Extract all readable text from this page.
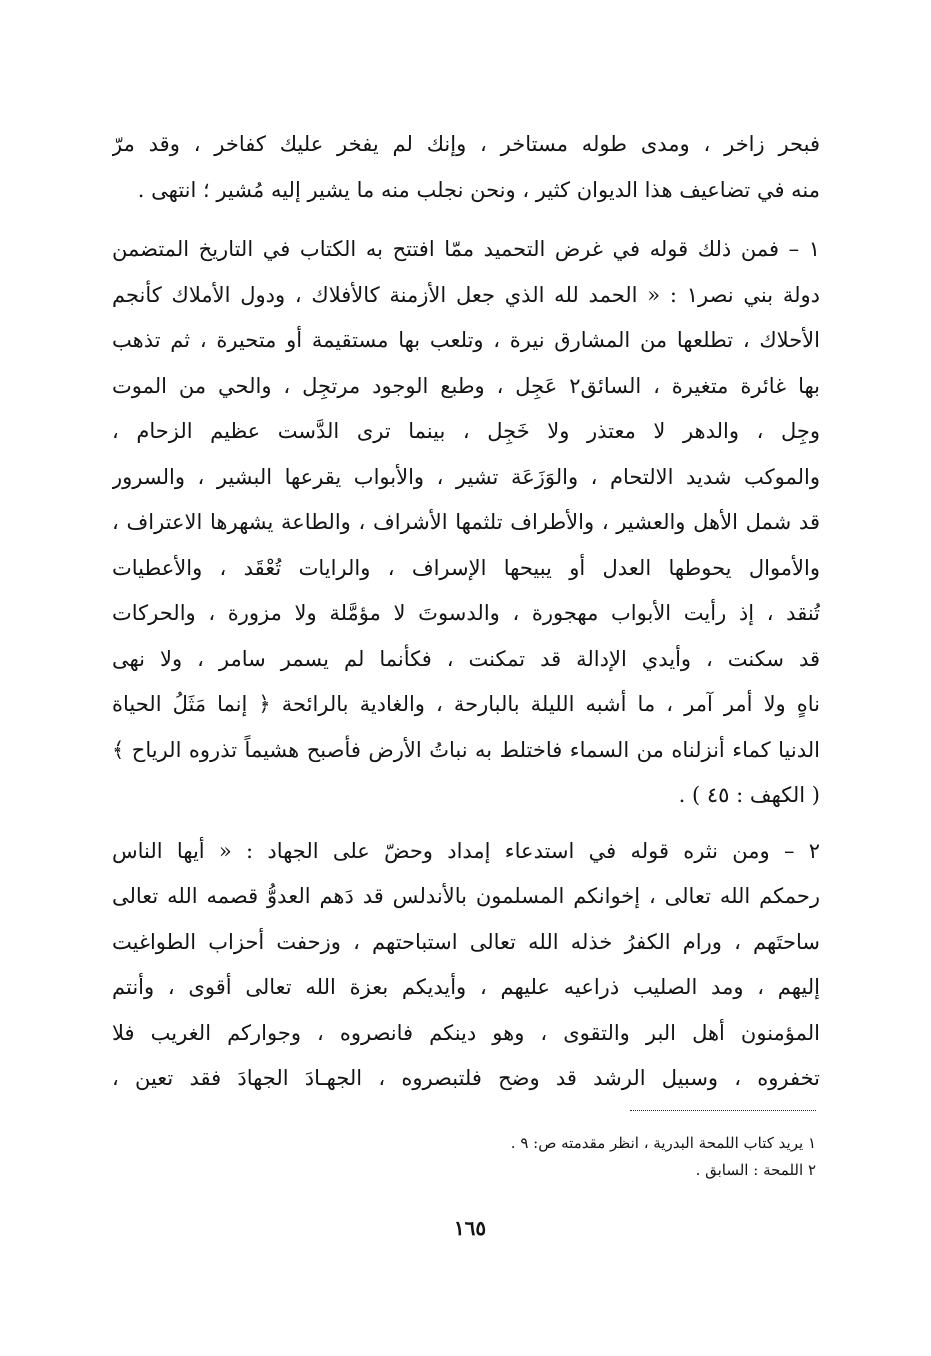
فبحر زاخر ، ومدى طوله مستاخر ، وإنك لم يفخر عليك كفاخر ، وقد مرّ
منه في تضاعيف هذا الديوان كثير ، ونحن نجلب منه ما يشير إليه مُشير ؛ انتهى .
١ – فمن ذلك قوله في غرض التحميد ممّا افتتح به الكتاب في التاريخ المتضمن
دولة بني نصر١ : « الحمد لله الذي جعل الأزمنة كالأفلاك ، ودول الأملاك كأنجم
الأحلاك ، تطلعها من المشارق نيرة ، وتلعب بها مستقيمة أو متحيرة ، ثم تذهب
بها غائرة متغيرة ، السائق٢ عَجِل ، وطبع الوجود مرتجِل ، والحي من الموت
وجِل ، والدهر لا معتذر ولا خَجِل ، بينما ترى الدَّست عظيم الزحام ،
والموكب شديد الالتحام ، والوَزَعَة تشير ، والأبواب يقرعها البشير ، والسرور
قد شمل الأهل والعشير ، والأطراف تلثمها الأشراف ، والطاعة يشهرها الاعتراف ،
والأموال يحوطها العدل أو يبيحها الإسراف ، والرايات تُعْقَد ، والأعطيات
تُنقد ، إذ رأيت الأبواب مهجورة ، والدسوتَ لا مؤمَّلة ولا مزورة ، والحركات
قد سكنت ، وأيدي الإدالة قد تمكنت ، فكأنما لم يسمر سامر ، ولا نهى
ناهٍ ولا أمر آمر ، ما أشبه الليلة بالبارحة ، والغادية بالرائحة ﴿ إنما مَثَلُ الحياة
الدنيا كماء أنزلناه من السماء فاختلط به نباتُ الأرض فأصبح هشيماً تذروه الرياح ﴾
( الكهف : ٤٥ ) .
٢ – ومن نثره قوله في استدعاء إمداد وحضّ على الجهاد : « أيها الناس
رحمكم الله تعالى ، إخوانكم المسلمون بالأندلس قد دَهم العدوُّ قصمه الله تعالى
ساحتَهم ، ورام الكفرُ خذله الله تعالى استباحتهم ، وزحفت أحزاب الطواغيت
إليهم ، ومد الصليب ذراعيه عليهم ، وأيديكم بعزة الله تعالى أقوى ، وأنتم
المؤمنون أهل البر والتقوى ، وهو دينكم فانصروه ، وجواركم الغريب فلا
تخفروه ، وسبيل الرشد قد وضح فلتبصروه ، الجهـادَ الجهادَ فقد تعين ،
١ يريد كتاب اللمحة البدرية ، انظر مقدمته ص: ٩ .
٢ اللمحة : السابق .
١٦٥
